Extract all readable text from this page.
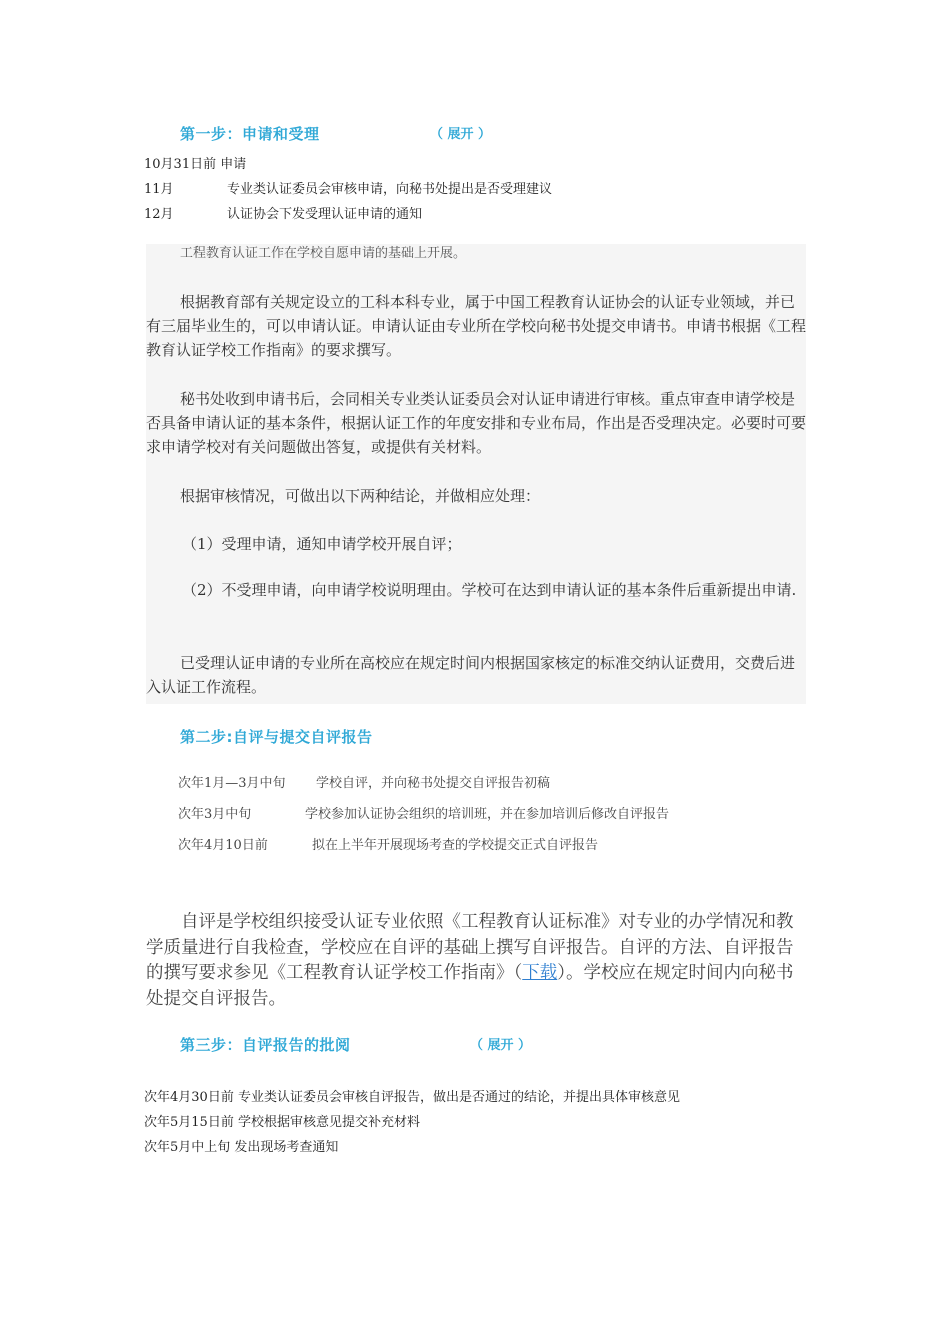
第一步：申请和受理	（ 展开 ）
10月31日前 申请
11月	专业类认证委员会审核申请，向秘书处提出是否受理建议
12月	认证协会下发受理认证申请的通知

工程教育认证工作在学校自愿申请的基础上开展。

根据教育部有关规定设立的工科本科专业，属于中国工程教育认证协会的认证专业领域，并已有三届毕业生的，可以申请认证。申请认证由专业所在学校向秘书处提交申请书。申请书根据《工程教育认证学校工作指南》的要求撰写。

秘书处收到申请书后，会同相关专业类认证委员会对认证申请进行审核。重点审查申请学校是否具备申请认证的基本条件，根据认证工作的年度安排和专业布局，作出是否受理决定。必要时可要求申请学校对有关问题做出答复，或提供有关材料。

根据审核情况，可做出以下两种结论，并做相应处理：

（1）受理申请，通知申请学校开展自评；

（2）不受理申请，向申请学校说明理由。学校可在达到申请认证的基本条件后重新提出申请.

已受理认证申请的专业所在高校应在规定时间内根据国家核定的标准交纳认证费用，交费后进入认证工作流程。

第二步:自评与提交自评报告
次年1月—3月中旬 学校自评，并向秘书处提交自评报告初稿
次年3月中旬	学校参加认证协会组织的培训班，并在参加培训后修改自评报告
次年4月10日前	拟在上半年开展现场考查的学校提交正式自评报告

自评是学校组织接受认证专业依照《工程教育认证标准》对专业的办学情况和教学质量进行自我检查，学校应在自评的基础上撰写自评报告。自评的方法、自评报告的撰写要求参见《工程教育认证学校工作指南》（下载）。学校应在规定时间内向秘书处提交自评报告。

第三步：自评报告的批阅	（ 展开 ）
次年4月30日前 专业类认证委员会审核自评报告，做出是否通过的结论，并提出具体审核意见
次年5月15日前 学校根据审核意见提交补充材料
次年5月中上旬 发出现场考查通知
